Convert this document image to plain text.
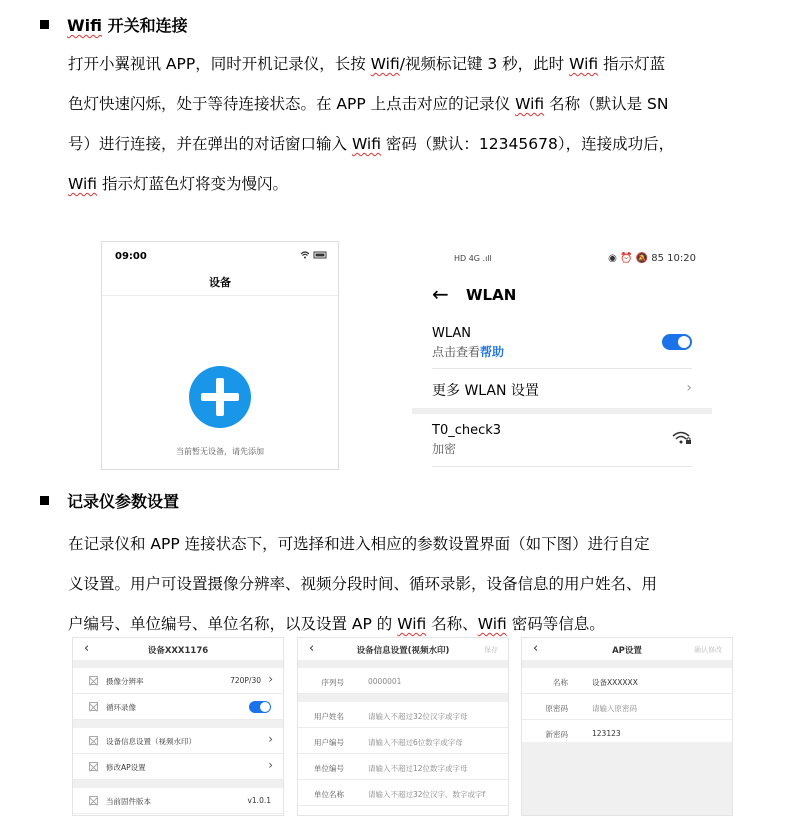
Wifi 开关和连接
打开小翼视讯 APP，同时开机记录仪，长按 Wifi/视频标记键 3 秒，此时 Wifi 指示灯蓝
色灯快速闪烁，处于等待连接状态。在 APP 上点击对应的记录仪 Wifi 名称（默认是 SN
号）进行连接，并在弹出的对话窗口输入 Wifi 密码（默认：12345678），连接成功后，
Wifi 指示灯蓝色灯将变为慢闪。
09:00
设备
当前暂无设备，请先添加
HD 4G .ıll	◉ ⏰ 🔕 85 10:20
← WLAN
WLAN
点击查看帮助
更多 WLAN 设置	›
T0_check3
加密
记录仪参数设置
在记录仪和 APP 连接状态下，可选择和进入相应的参数设置界面（如下图）进行自定
义设置。用户可设置摄像分辨率、视频分段时间、循环录影，设备信息的用户姓名、用
户编号、单位编号、单位名称，以及设置 AP 的 Wifi 名称、Wifi 密码等信息。
‹	设备XXX1176
摄像分辨率	720P/30 ›
循环录像
设备信息设置（视频水印）	›
修改AP设置	›
当前固件版本	v1.0.1
‹	设备信息设置(视频水印)	保存
序列号	0000001
用户姓名	请输入不超过32位汉字或字母
用户编号	请输入不超过6位数字或字母
单位编号	请输入不超过12位数字或字母
单位名称	请输入不超过32位汉字、数字或字f
‹	AP设置	确认修改
名称	设备XXXXXX
原密码	请输入原密码
新密码	123123
